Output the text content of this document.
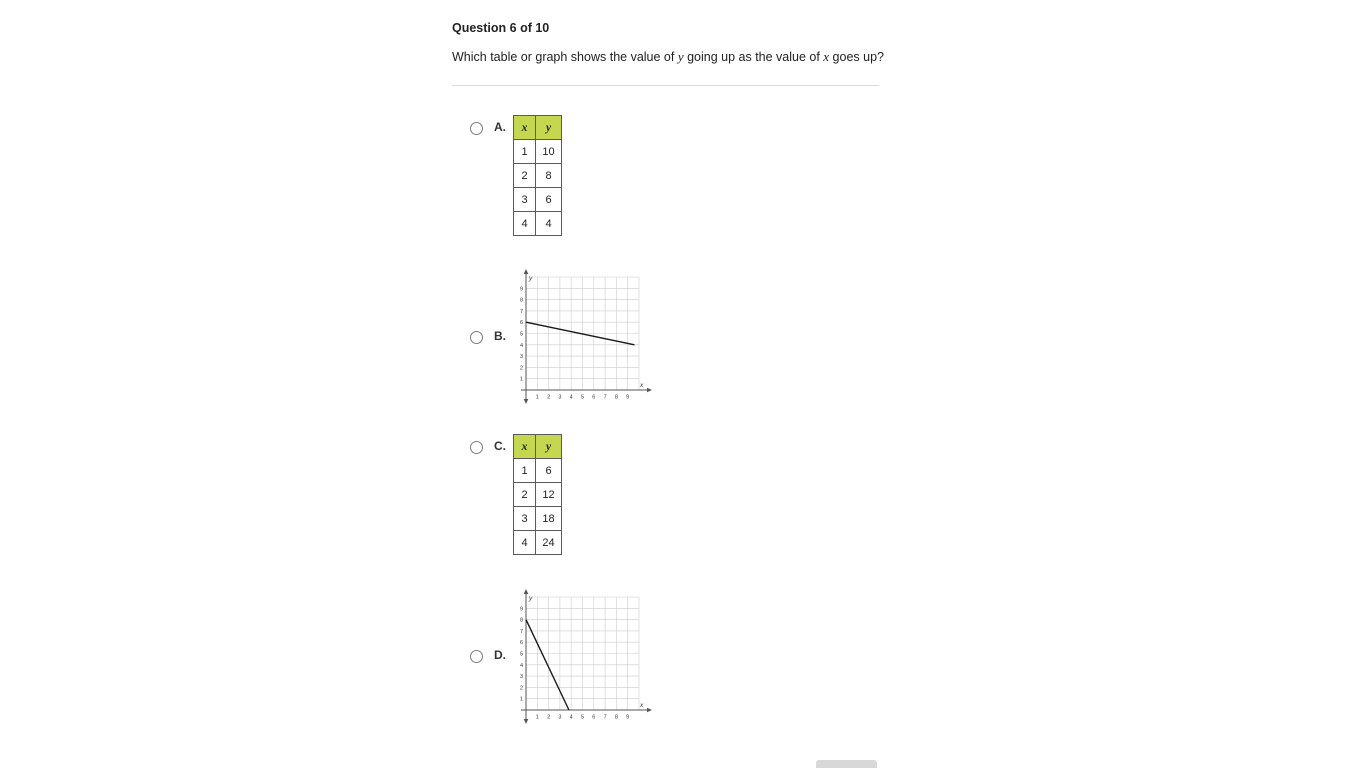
Question 6 of 10
Which table or graph shows the value of y going up as the value of x goes up?
A. x	y
1	10
2	8
3	6
4	4
B.
1 2 3 4 5 6 7 8 9
1
2
3
4
5
6
7
8
9
y
x
C. x	y
1	6
2	12
3	18
4	24
D.
1 2 3 4 5 6 7 8 9
1
2
3
4
5
6
7
8
9
y
x
